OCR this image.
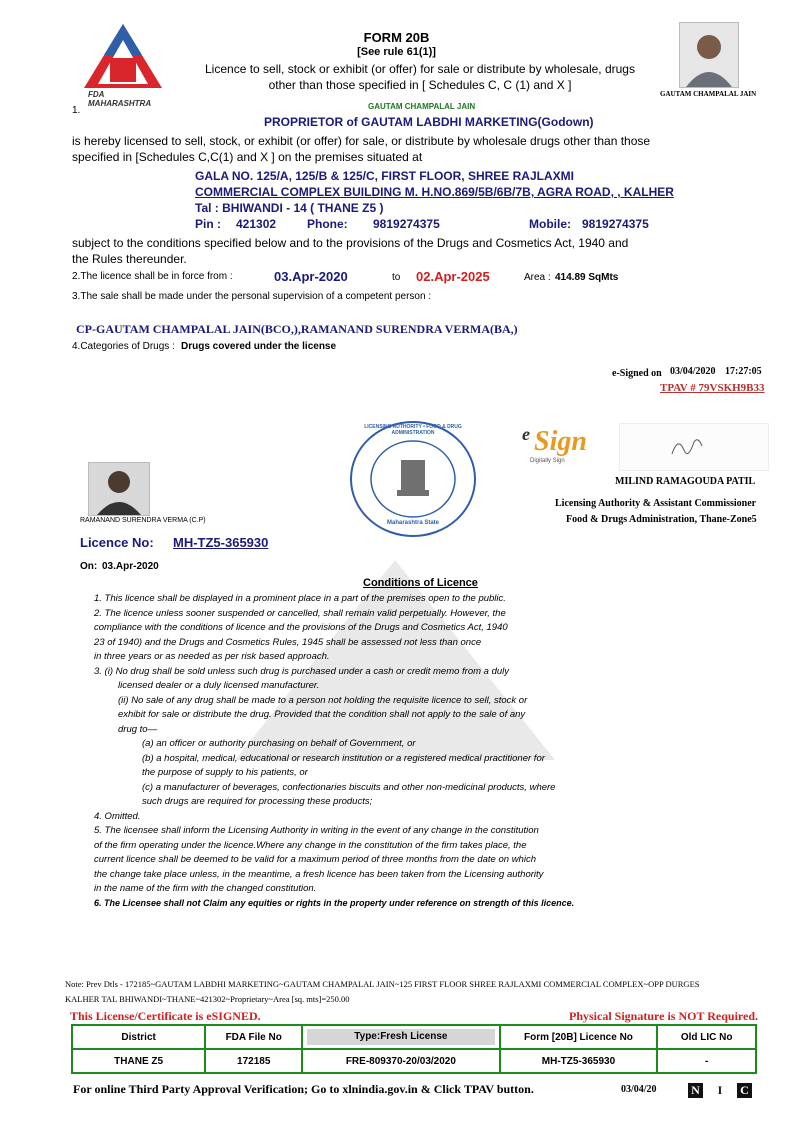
FDA MAHARASHTRA
FORM 20B
[See rule 61(1)]
Licence to sell, stock or exhibit (or offer) for sale or distribute by wholesale, drugs
other than those specified in [ Schedules C, C (1) and X ]
GAUTAM CHAMPALAL JAIN
1.	GAUTAM CHAMPALAL JAIN
PROPRIETOR of GAUTAM LABDHI MARKETING(Godown)
is hereby licensed to sell, stock, or exhibit (or offer) for sale, or distribute by wholesale drugs other than those
specified in [Schedules C,C(1) and X ] on the premises situated at
GALA NO. 125/A, 125/B & 125/C, FIRST FLOOR, SHREE RAJLAXMI
COMMERCIAL COMPLEX BUILDING M. H.NO.869/5B/6B/7B, AGRA ROAD, , KALHER
Tal : BHIWANDI - 14 ( THANE Z5 )
Pin : 421302	Phone: 9819274375	Mobile: 9819274375
subject to the conditions specified below and to the provisions of the Drugs and Cosmetics Act, 1940 and
the Rules thereunder.
2.The licence shall be in force from :	03.Apr-2020	to 02.Apr-2025	Area : 414.89 SqMts
3.The sale shall be made under the personal supervision of a competent person :
CP-GAUTAM CHAMPALAL JAIN(BCO,),RAMANAND SURENDRA VERMA(BA,)
4.Categories of Drugs : Drugs covered under the license
e-Signed on 03/04/2020 17:27:05
TPAV # 79VSKH9B33
LICENSING AUTHORITY • FOOD & DRUG ADMINISTRATION
Maharashtra State
e Sign
Digitally Sign
MILIND RAMAGOUDA PATIL
Licensing Authority & Assistant Commissioner
Food & Drugs Administration, Thane-Zone5
RAMANAND SURENDRA VERMA (C.P)
Licence No: MH-TZ5-365930
On: 03.Apr-2020
Conditions of Licence

1. This licence shall be displayed in a prominent place in a part of the premises open to the public.

2. The licence unless sooner suspended or cancelled, shall remain valid perpetually. However, the

compliance with the conditions of licence and the provisions of the Drugs and Cosmetics Act, 1940

23 of 1940) and the Drugs and Cosmetics Rules, 1945 shall be assessed not less than once

in three years or as needed as per risk based approach.

3. (i) No drug shall be sold unless such drug is purchased under a cash or credit memo from a duly

licensed dealer or a duly licensed manufacturer.

(ii) No sale of any drug shall be made to a person not holding the requisite licence to sell, stock or

exhibit for sale or distribute the drug. Provided that the condition shall not apply to the sale of any

drug to—

(a) an officer or authority purchasing on behalf of Government, or

(b) a hospital, medical, educational or research institution or a registered medical practitioner for

the purpose of supply to his patients, or

(c) a manufacturer of beverages, confectionaries biscuits and other non-medicinal products, where

such drugs are required for processing these products;

4. Omitted.

5. The licensee shall inform the Licensing Authority in writing in the event of any change in the constitution

of the firm operating under the licence.Where any change in the constitution of the firm takes place, the

current licence shall be deemed to be valid for a maximum period of three months from the date on which

the change take place unless, in the meantime, a fresh licence has been taken from the Licensing authority

in the name of the firm with the changed constitution.

6. The Licensee shall not Claim any equities or rights in the property under reference on strength of this licence.
Note: Prev Dtls - 172185~GAUTAM LABDHI MARKETING~GAUTAM CHAMPALAL JAIN~125 FIRST FLOOR SHREE RAJLAXMI COMMERCIAL COMPLEX~OPP DURGES
KALHER TAL BHIWANDI~THANE~421302~Proprietary~Area [sq. mts]=250.00
This License/Certificate is eSIGNED.	Physical Signature is NOT Required.
District	FDA File No	Type:Fresh License	Form [20B] Licence No	Old LIC No
THANE Z5	172185	FRE-809370-20/03/2020	MH-TZ5-365930	-
For online Third Party Approval Verification; Go to xlnindia.gov.in & Click TPAV button.	03/04/20	N I C
